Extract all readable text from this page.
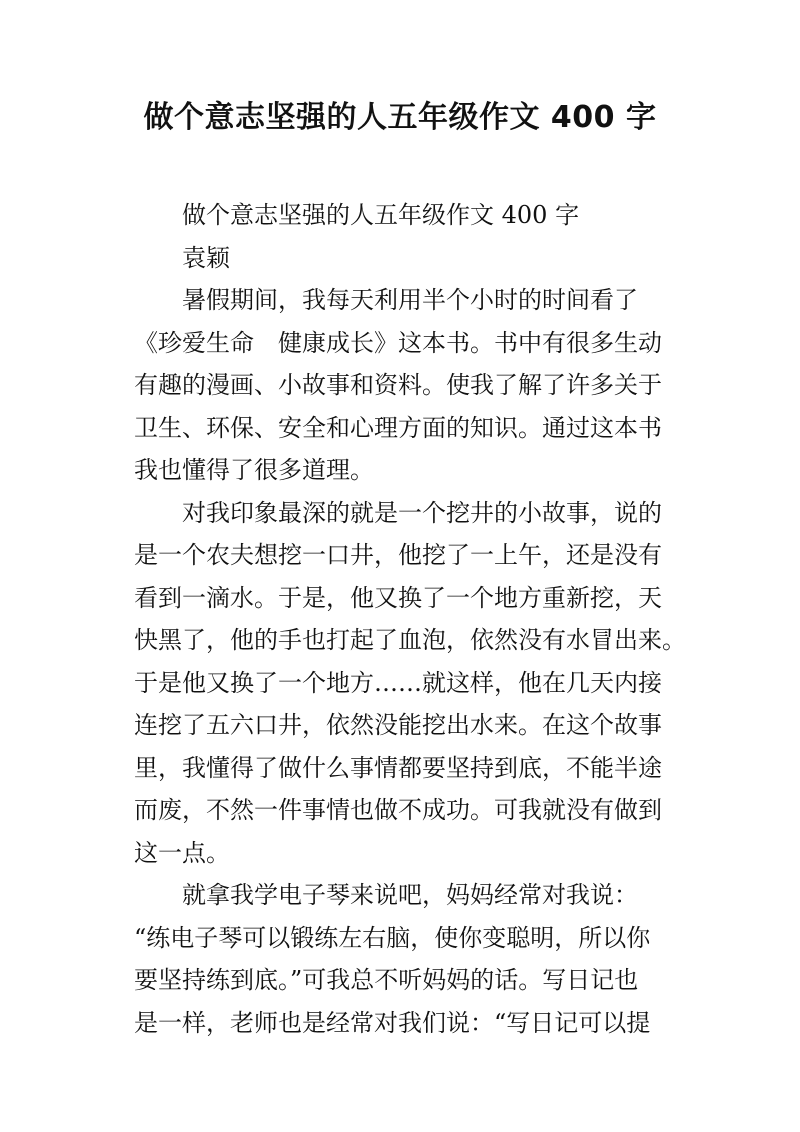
做个意志坚强的人五年级作文 400 字
做个意志坚强的人五年级作文 400 字
袁颖
暑假期间，我每天利用半个小时的时间看了
《珍爱生命　健康成长》这本书。书中有很多生动
有趣的漫画、小故事和资料。使我了解了许多关于
卫生、环保、安全和心理方面的知识。通过这本书
我也懂得了很多道理。
对我印象最深的就是一个挖井的小故事，说的
是一个农夫想挖一口井，他挖了一上午，还是没有
看到一滴水。于是，他又换了一个地方重新挖，天
快黑了，他的手也打起了血泡，依然没有水冒出来。
于是他又换了一个地方……就这样，他在几天内接
连挖了五六口井，依然没能挖出水来。在这个故事
里，我懂得了做什么事情都要坚持到底，不能半途
而废，不然一件事情也做不成功。可我就没有做到
这一点。
就拿我学电子琴来说吧，妈妈经常对我说：
“练电子琴可以锻练左右脑，使你变聪明，所以你
要坚持练到底。”可我总不听妈妈的话。写日记也
是一样，老师也是经常对我们说：“写日记可以提
